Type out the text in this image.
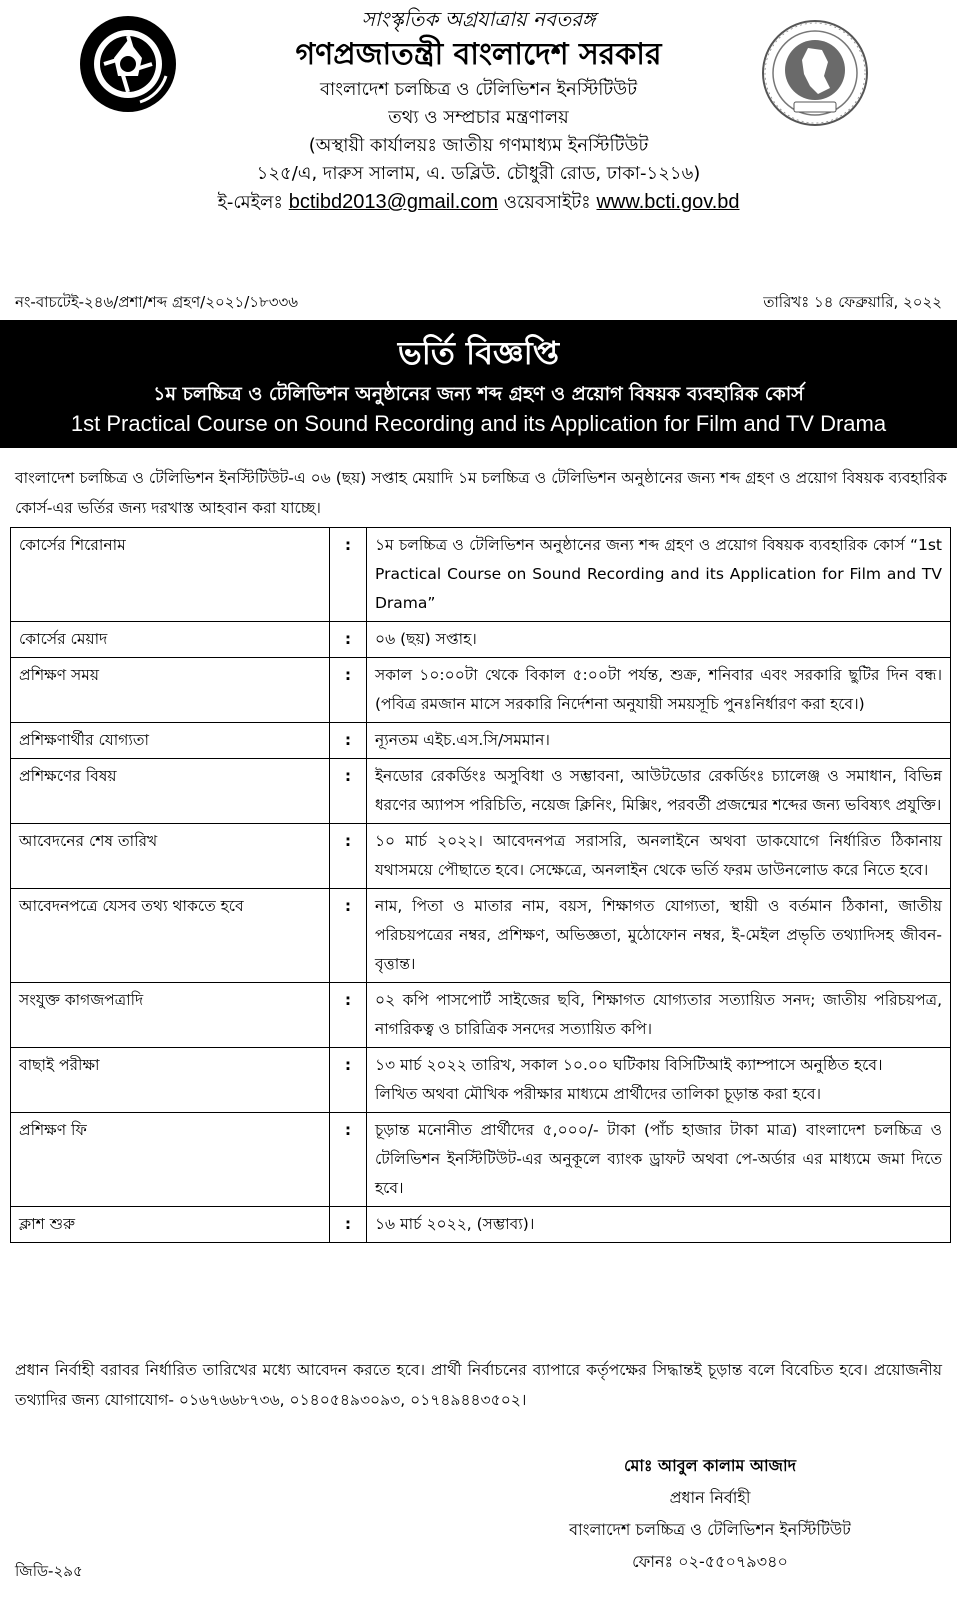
সাংস্কৃতিক অগ্রযাত্রায় নবতরঙ্গ
গণপ্রজাতন্ত্রী বাংলাদেশ সরকার
বাংলাদেশ চলচ্চিত্র ও টেলিভিশন ইনস্টিটিউট
তথ্য ও সম্প্রচার মন্ত্রণালয়
(অস্থায়ী কার্যালয়ঃ জাতীয় গণমাধ্যম ইনস্টিটিউট
১২৫/এ, দারুস সালাম, এ. ডব্লিউ. চৌধুরী রোড, ঢাকা-১২১৬)
ই-মেইলঃ bctibd2013@gmail.com ওয়েবসাইটঃ www.bcti.gov.bd
নং-বাচটেই-২৪৬/প্রশা/শব্দ গ্রহণ/২০২১/১৮৩৩৬	তারিখঃ ১৪ ফেব্রুয়ারি, ২০২২
ভর্তি বিজ্ঞপ্তি
১ম চলচ্চিত্র ও টেলিভিশন অনুষ্ঠানের জন্য শব্দ গ্রহণ ও প্রয়োগ বিষয়ক ব্যবহারিক কোর্স
1st Practical Course on Sound Recording and its Application for Film and TV Drama
বাংলাদেশ চলচ্চিত্র ও টেলিভিশন ইনস্টিটিউট-এ ০৬ (ছয়) সপ্তাহ মেয়াদি ১ম চলচ্চিত্র ও টেলিভিশন অনুষ্ঠানের জন্য শব্দ গ্রহণ ও প্রয়োগ বিষয়ক ব্যবহারিক কোর্স-এর ভর্তির জন্য দরখাস্ত আহবান করা যাচ্ছে।
কোর্সের শিরোনাম	:	১ম চলচ্চিত্র ও টেলিভিশন অনুষ্ঠানের জন্য শব্দ গ্রহণ ও প্রয়োগ বিষয়ক ব্যবহারিক কোর্স “1st Practical Course on Sound Recording and its Application for Film and TV Drama”
কোর্সের মেয়াদ	:	০৬ (ছয়) সপ্তাহ।
প্রশিক্ষণ সময়	:	সকাল ১০:০০টা থেকে বিকাল ৫:০০টা পর্যন্ত, শুক্র, শনিবার এবং সরকারি ছুটির দিন বন্ধ। (পবিত্র রমজান মাসে সরকারি নির্দেশনা অনুযায়ী সময়সূচি পুনঃনির্ধারণ করা হবে।)
প্রশিক্ষণার্থীর যোগ্যতা	:	ন্যূনতম এইচ.এস.সি/সমমান।
প্রশিক্ষণের বিষয়	:	ইনডোর রেকর্ডিংঃ অসুবিধা ও সম্ভাবনা, আউটডোর রেকর্ডিংঃ চ্যালেঞ্জ ও সমাধান, বিভিন্ন ধরণের অ্যাপস পরিচিতি, নয়েজ ক্লিনিং, মিক্সিং, পরবর্তী প্রজন্মের শব্দের জন্য ভবিষ্যৎ প্রযুক্তি।
আবেদনের শেষ তারিখ	:	১০ মার্চ ২০২২। আবেদনপত্র সরাসরি, অনলাইনে অথবা ডাকযোগে নির্ধারিত ঠিকানায় যথাসময়ে পৌছাতে হবে। সেক্ষেত্রে, অনলাইন থেকে ভর্তি ফরম ডাউনলোড করে নিতে হবে।
আবেদনপত্রে যেসব তথ্য থাকতে হবে	:	নাম, পিতা ও মাতার নাম, বয়স, শিক্ষাগত যোগ্যতা, স্থায়ী ও বর্তমান ঠিকানা, জাতীয় পরিচয়পত্রের নম্বর, প্রশিক্ষণ, অভিজ্ঞতা, মুঠোফোন নম্বর, ই-মেইল প্রভৃতি তথ্যাদিসহ জীবন-বৃত্তান্ত।
সংযুক্ত কাগজপত্রাদি	:	০২ কপি পাসপোর্ট সাইজের ছবি, শিক্ষাগত যোগ্যতার সত্যায়িত সনদ; জাতীয় পরিচয়পত্র, নাগরিকত্ব ও চারিত্রিক সনদের সত্যায়িত কপি।
বাছাই পরীক্ষা	:	১৩ মার্চ ২০২২ তারিখ, সকাল ১০.০০ ঘটিকায় বিসিটিআই ক্যাম্পাসে অনুষ্ঠিত হবে।
লিখিত অথবা মৌখিক পরীক্ষার মাধ্যমে প্রার্থীদের তালিকা চূড়ান্ত করা হবে।

প্রশিক্ষণ ফি	:	চূড়ান্ত মনোনীত প্রার্থীদের ৫,০০০/- টাকা (পাঁচ হাজার টাকা মাত্র) বাংলাদেশ চলচ্চিত্র ও টেলিভিশন ইনস্টিটিউট-এর অনুকূলে ব্যাংক ড্রাফট অথবা পে-অর্ডার এর মাধ্যমে জমা দিতে হবে।
ক্লাশ শুরু	:	১৬ মার্চ ২০২২, (সম্ভাব্য)।
প্রধান নির্বাহী বরাবর নির্ধারিত তারিখের মধ্যে আবেদন করতে হবে। প্রার্থী নির্বাচনের ব্যাপারে কর্তৃপক্ষের সিদ্ধান্তই চূড়ান্ত বলে বিবেচিত হবে। প্রয়োজনীয় তথ্যাদির জন্য যোগাযোগ- ০১৬৭৬৬৮৭৩৬, ০১৪০৫৪৯৩০৯৩, ০১৭৪৯৪৪৩৫০২।
মোঃ আবুল কালাম আজাদ
প্রধান নির্বাহী
বাংলাদেশ চলচ্চিত্র ও টেলিভিশন ইনস্টিটিউট
ফোনঃ ০২-৫৫০৭৯৩৪০
জিডি-২৯৫
